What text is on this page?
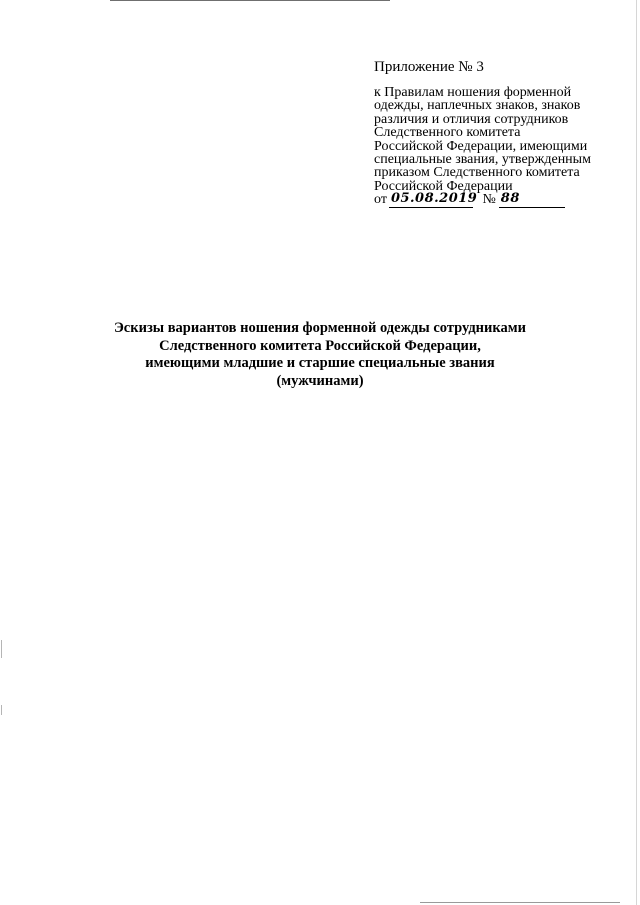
Приложение № 3
к Правилам ношения форменной
одежды, наплечных знаков, знаков
различия и отличия сотрудников
Следственного комитета
Российской Федерации, имеющими
специальные звания, утвержденным
приказом Следственного комитета
Российской Федерации
от 05.08.2019 № 88
Эскизы вариантов ношения форменной одежды сотрудниками
Следственного комитета Российской Федерации,
имеющими младшие и старшие специальные звания
(мужчинами)
